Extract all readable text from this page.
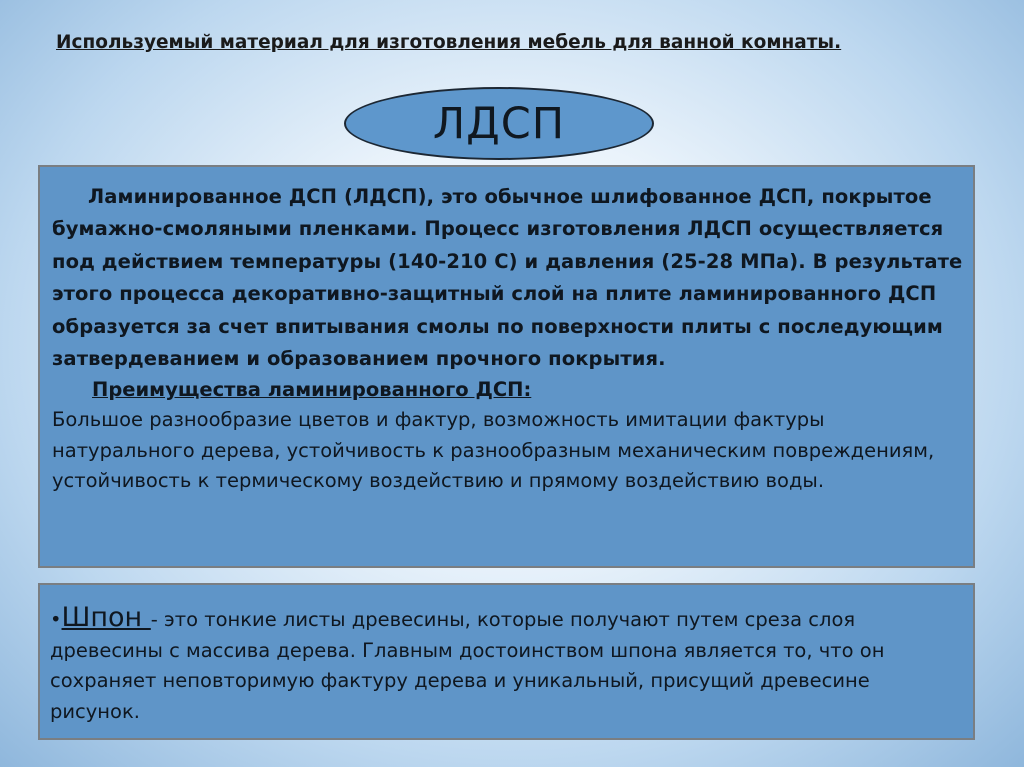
Используемый материал для изготовления мебель для ванной комнаты.
ЛДСП

Ламинированное ДСП (ЛДСП), это обычное шлифованное ДСП, покрытое бумажно-смоляными пленками. Процесс изготовления ЛДСП осуществляется под действием температуры (140-210 С) и давления (25-28 МПа). В результате этого процесса декоративно-защитный слой на плите ламинированного ДСП образуется за счет впитывания смолы по поверхности плиты с последующим затвердеванием и образованием прочного покрытия.

Преимущества ламинированного ДСП:

Большое разнообразие цветов и фактур, возможность имитации фактуры натурального дерева, устойчивость к разнообразным механическим повреждениям, устойчивость к термическому воздействию и прямому воздействию воды.

•Шпон - это тонкие листы древесины, которые получают путем среза слоя древесины с массива дерева. Главным достоинством шпона является то, что он сохраняет неповторимую фактуру дерева и уникальный, присущий древесине рисунок.
